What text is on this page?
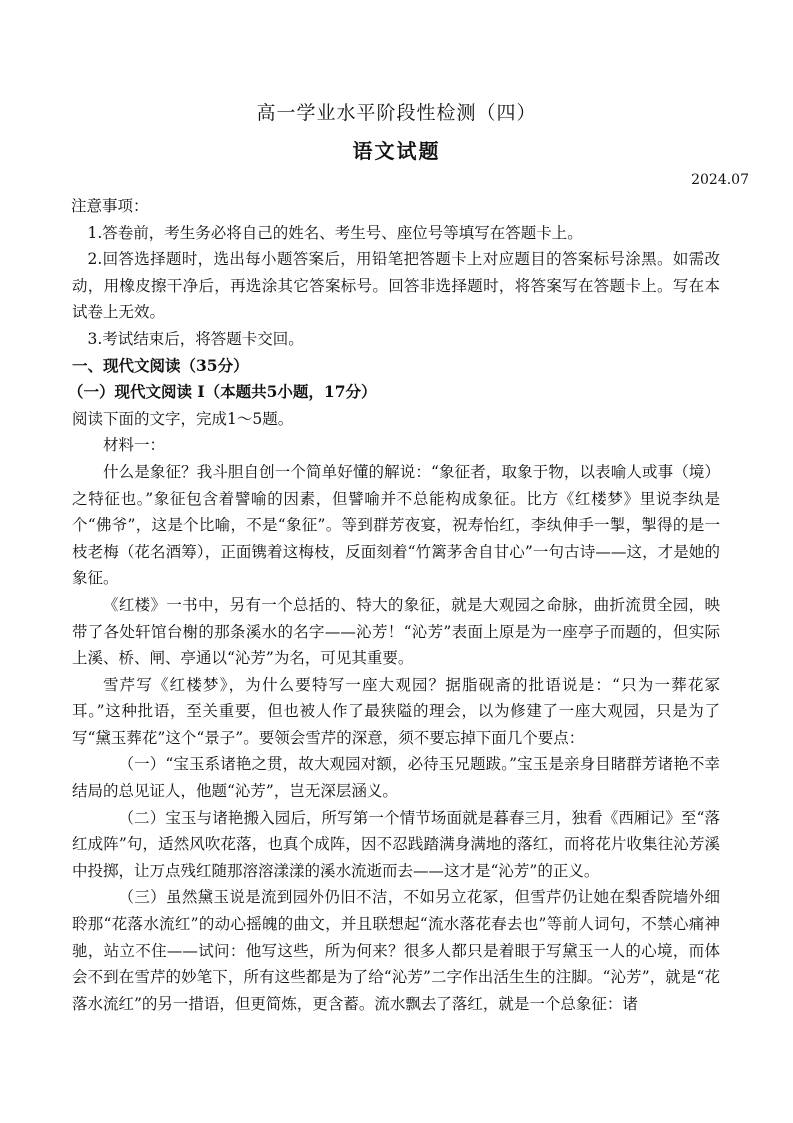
高一学业水平阶段性检测（四）
语文试题
2024.07

注意事项：

1.答卷前，考生务必将自己的姓名、考生号、座位号等填写在答题卡上。

2.回答选择题时，选出每小题答案后，用铅笔把答题卡上对应题目的答案标号涂黑。如需改动，用橡皮擦干净后，再选涂其它答案标号。回答非选择题时，将答案写在答题卡上。写在本试卷上无效。

3.考试结束后，将答题卡交回。

一、现代文阅读（35分）

（一）现代文阅读 I（本题共5小题，17分）

阅读下面的文字，完成1～5题。

材料一：

什么是象征？我斗胆自创一个简单好懂的解说：“象征者，取象于物，以表喻人或事（境）之特征也。”象征包含着譬喻的因素，但譬喻并不总能构成象征。比方《红楼梦》里说李纨是个“佛爷”，这是个比喻，不是“象征”。等到群芳夜宴，祝寿怡红，李纨伸手一掣，掣得的是一枝老梅（花名酒筹），正面镌着这梅枝，反面刻着“竹篱茅舍自甘心”一句古诗——这，才是她的象征。

《红楼》一书中，另有一个总括的、特大的象征，就是大观园之命脉，曲折流贯全园，映带了各处轩馆台榭的那条溪水的名字——沁芳！“沁芳”表面上原是为一座亭子而题的，但实际上溪、桥、闸、亭通以“沁芳”为名，可见其重要。

雪芹写《红楼梦》，为什么要特写一座大观园？据脂砚斋的批语说是：“只为一葬花冢耳。”这种批语，至关重要，但也被人作了最狭隘的理会，以为修建了一座大观园，只是为了写“黛玉葬花”这个“景子”。要领会雪芹的深意，须不要忘掉下面几个要点：

（一）“宝玉系诸艳之贯，故大观园对额，必待玉兄题跋。”宝玉是亲身目睹群芳诸艳不幸结局的总见证人，他题“沁芳”，岂无深层涵义。

（二）宝玉与诸艳搬入园后，所写第一个情节场面就是暮春三月，独看《西厢记》至“落红成阵”句，适然风吹花落，也真个成阵，因不忍践踏满身满地的落红，而将花片收集往沁芳溪中投掷，让万点残红随那溶溶漾漾的溪水流逝而去——这才是“沁芳”的正义。

（三）虽然黛玉说是流到园外仍旧不洁，不如另立花冢，但雪芹仍让她在梨香院墙外细聆那“花落水流红”的动心摇魄的曲文，并且联想起“流水落花春去也”等前人词句，不禁心痛神驰，站立不住——试问：他写这些，所为何来？很多人都只是着眼于写黛玉一人的心境，而体会不到在雪芹的妙笔下，所有这些都是为了给“沁芳”二字作出活生生的注脚。“沁芳”，就是“花落水流红”的另一措语，但更简炼，更含蓄。流水飘去了落红，就是一个总象征：诸
